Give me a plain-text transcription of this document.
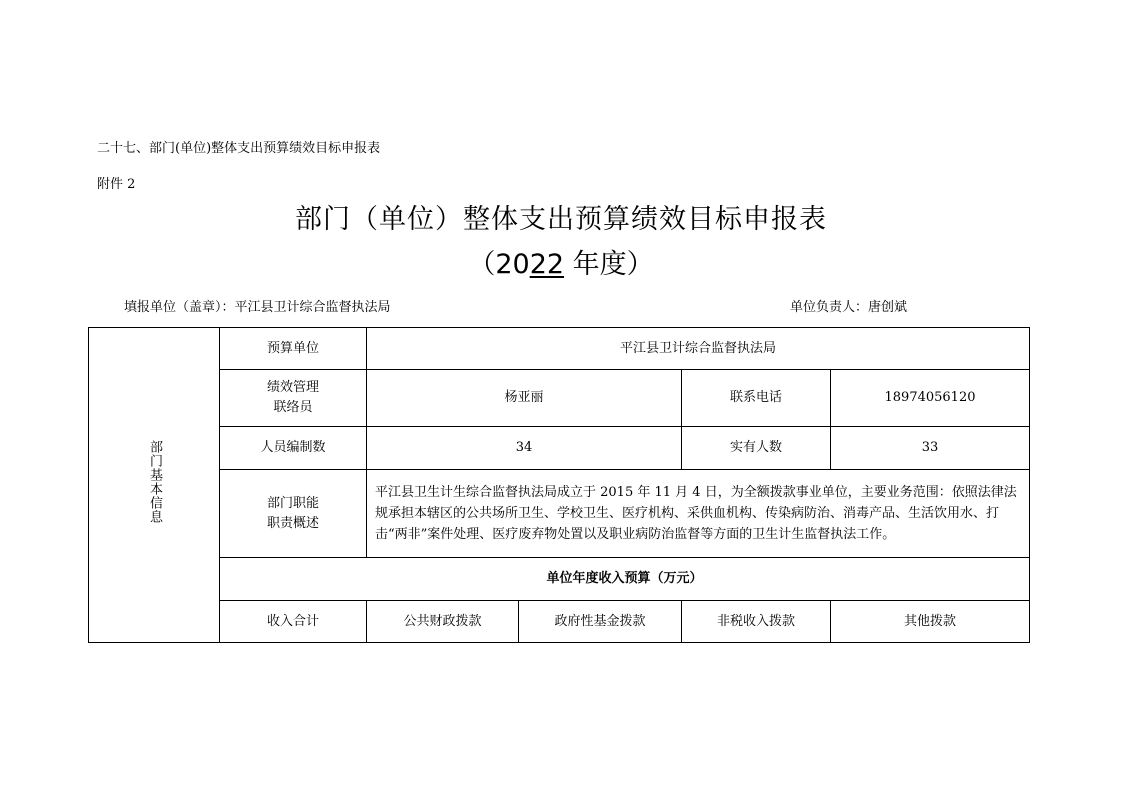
二十七、部门(单位)整体支出预算绩效目标申报表
附件 2
部门（单位）整体支出预算绩效目标申报表
（2022 年度）
填报单位（盖章）：平江县卫计综合监督执法局	单位负责人：唐创斌
部门基本信息	预算单位	平江县卫计综合监督执法局			

	绩效管理
联络员	杨亚丽		联系电话	18974056120
	人员编制数	34		实有人数	33

	部门职能
职责概述	平江县卫生计生综合监督执法局成立于 2015 年 11 月 4 日，为全额拨款事业单位，主要业务范围：依照法律法规承担本辖区的公共场所卫生、学校卫生、医疗机构、采供血机构、传染病防治、消毒产品、生活饮用水、打击“两非”案件处理、医疗废弃物处置以及职业病防治监督等方面的卫生计生监督执法工作。			
	单位年度收入预算（万元）				
	收入合计	公共财政拨款	政府性基金拨款	非税收入拨款	其他拨款
